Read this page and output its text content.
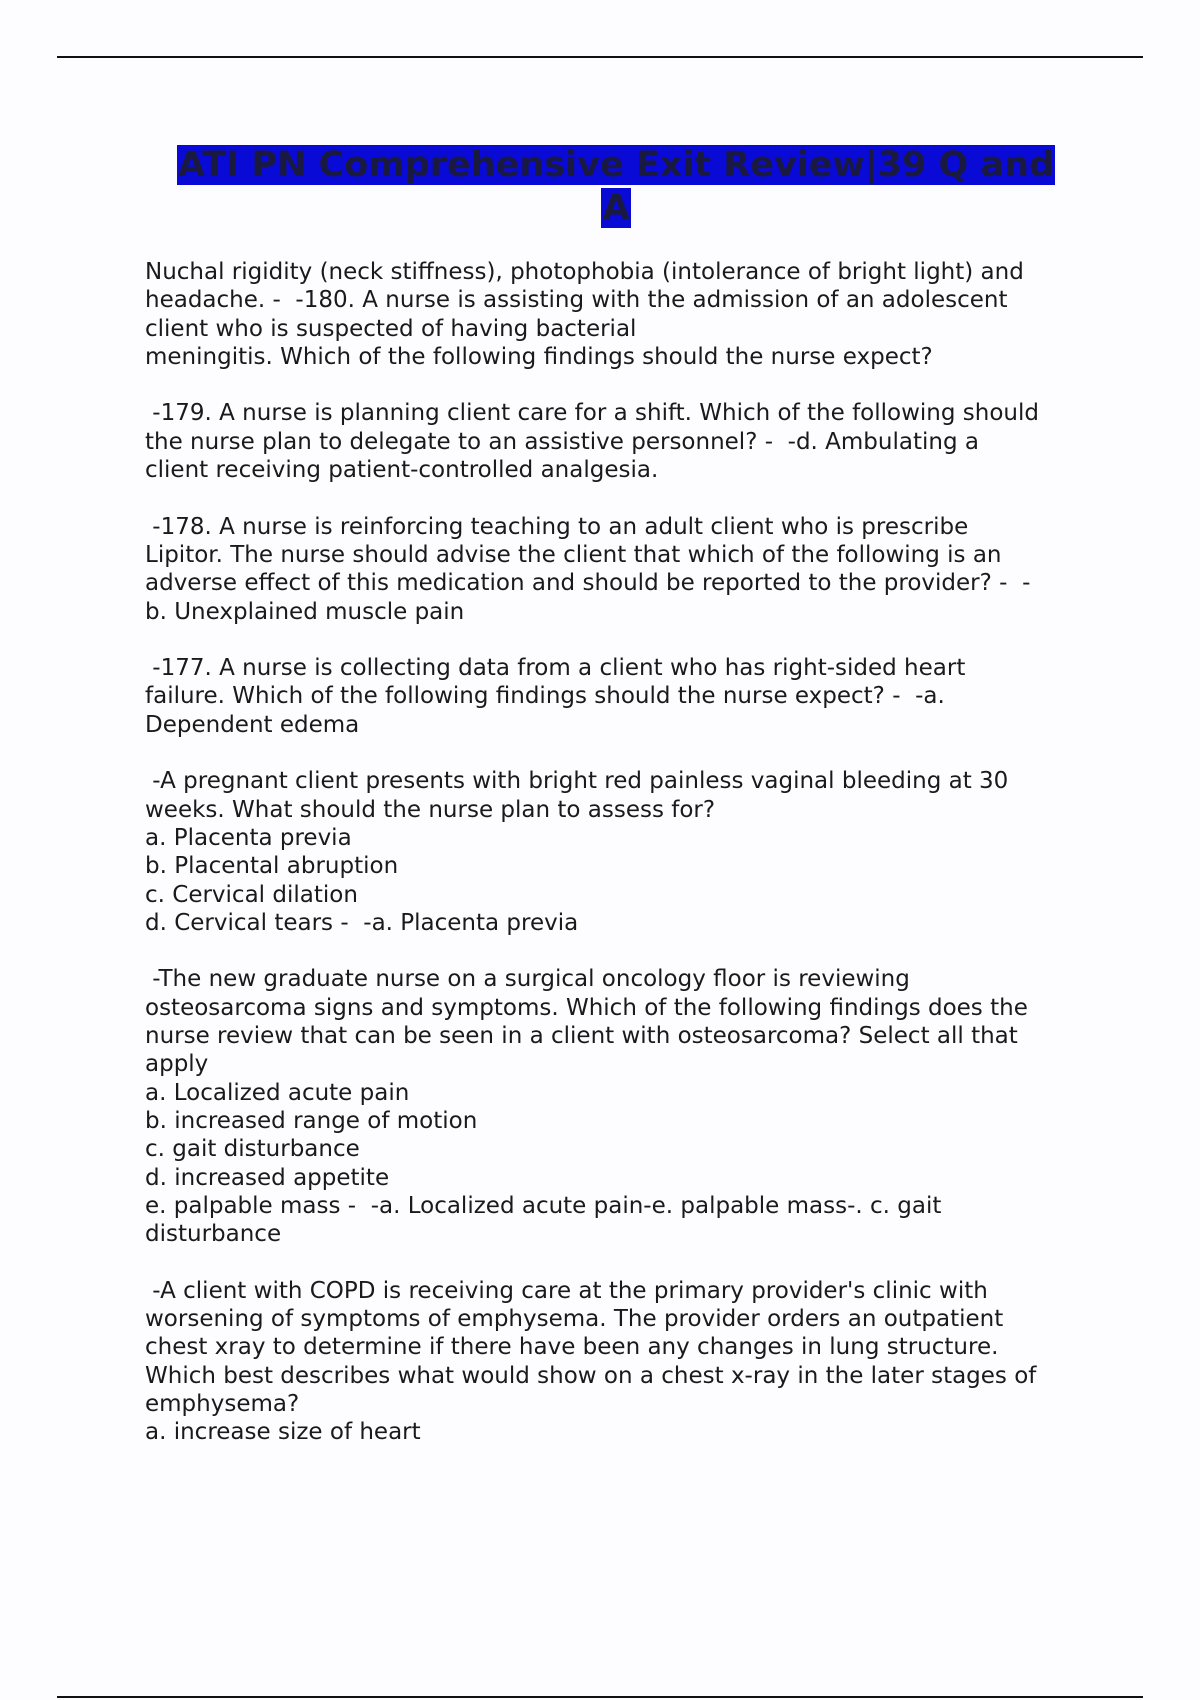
ATI PN Comprehensive Exit Review|39 Q and
A
Nuchal rigidity (neck stiffness), photophobia (intolerance of bright light) and
headache. -  -180. A nurse is assisting with the admission of an adolescent
client who is suspected of having bacterial
meningitis. Which of the following findings should the nurse expect?
-179. A nurse is planning client care for a shift. Which of the following should
the nurse plan to delegate to an assistive personnel? -  -d. Ambulating a
client receiving patient-controlled analgesia.
-178. A nurse is reinforcing teaching to an adult client who is prescribe
Lipitor. The nurse should advise the client that which of the following is an
adverse effect of this medication and should be reported to the provider? -  -
b. Unexplained muscle pain
-177. A nurse is collecting data from a client who has right-sided heart
failure. Which of the following findings should the nurse expect? -  -a.
Dependent edema
-A pregnant client presents with bright red painless vaginal bleeding at 30
weeks. What should the nurse plan to assess for?
a. Placenta previa
b. Placental abruption
c. Cervical dilation
d. Cervical tears -  -a. Placenta previa
-The new graduate nurse on a surgical oncology floor is reviewing
osteosarcoma signs and symptoms. Which of the following findings does the
nurse review that can be seen in a client with osteosarcoma? Select all that
apply
a. Localized acute pain
b. increased range of motion
c. gait disturbance
d. increased appetite
e. palpable mass -  -a. Localized acute pain-e. palpable mass-. c. gait
disturbance
-A client with COPD is receiving care at the primary provider's clinic with
worsening of symptoms of emphysema. The provider orders an outpatient
chest xray to determine if there have been any changes in lung structure.
Which best describes what would show on a chest x-ray in the later stages of
emphysema?
a. increase size of heart
